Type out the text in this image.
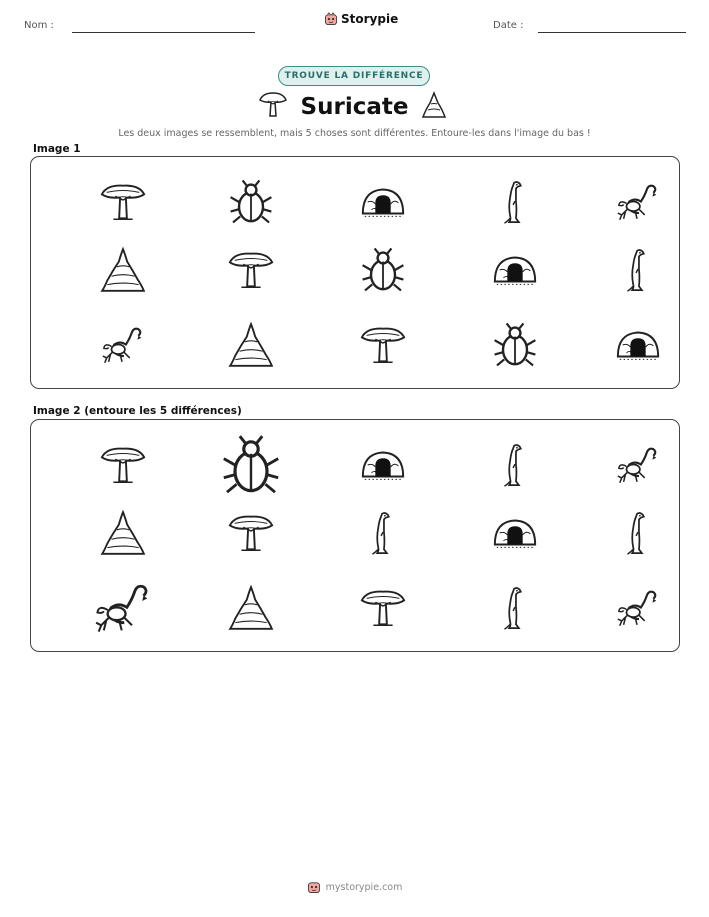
Nom :	Storypie	Date :
TROUVE LA DIFFÉRENCE
Suricate
Les deux images se ressemblent, mais 5 choses sont différentes. Entoure-les dans l'image du bas !
Image 1
Image 2 (entoure les 5 différences)
mystorypie.com
